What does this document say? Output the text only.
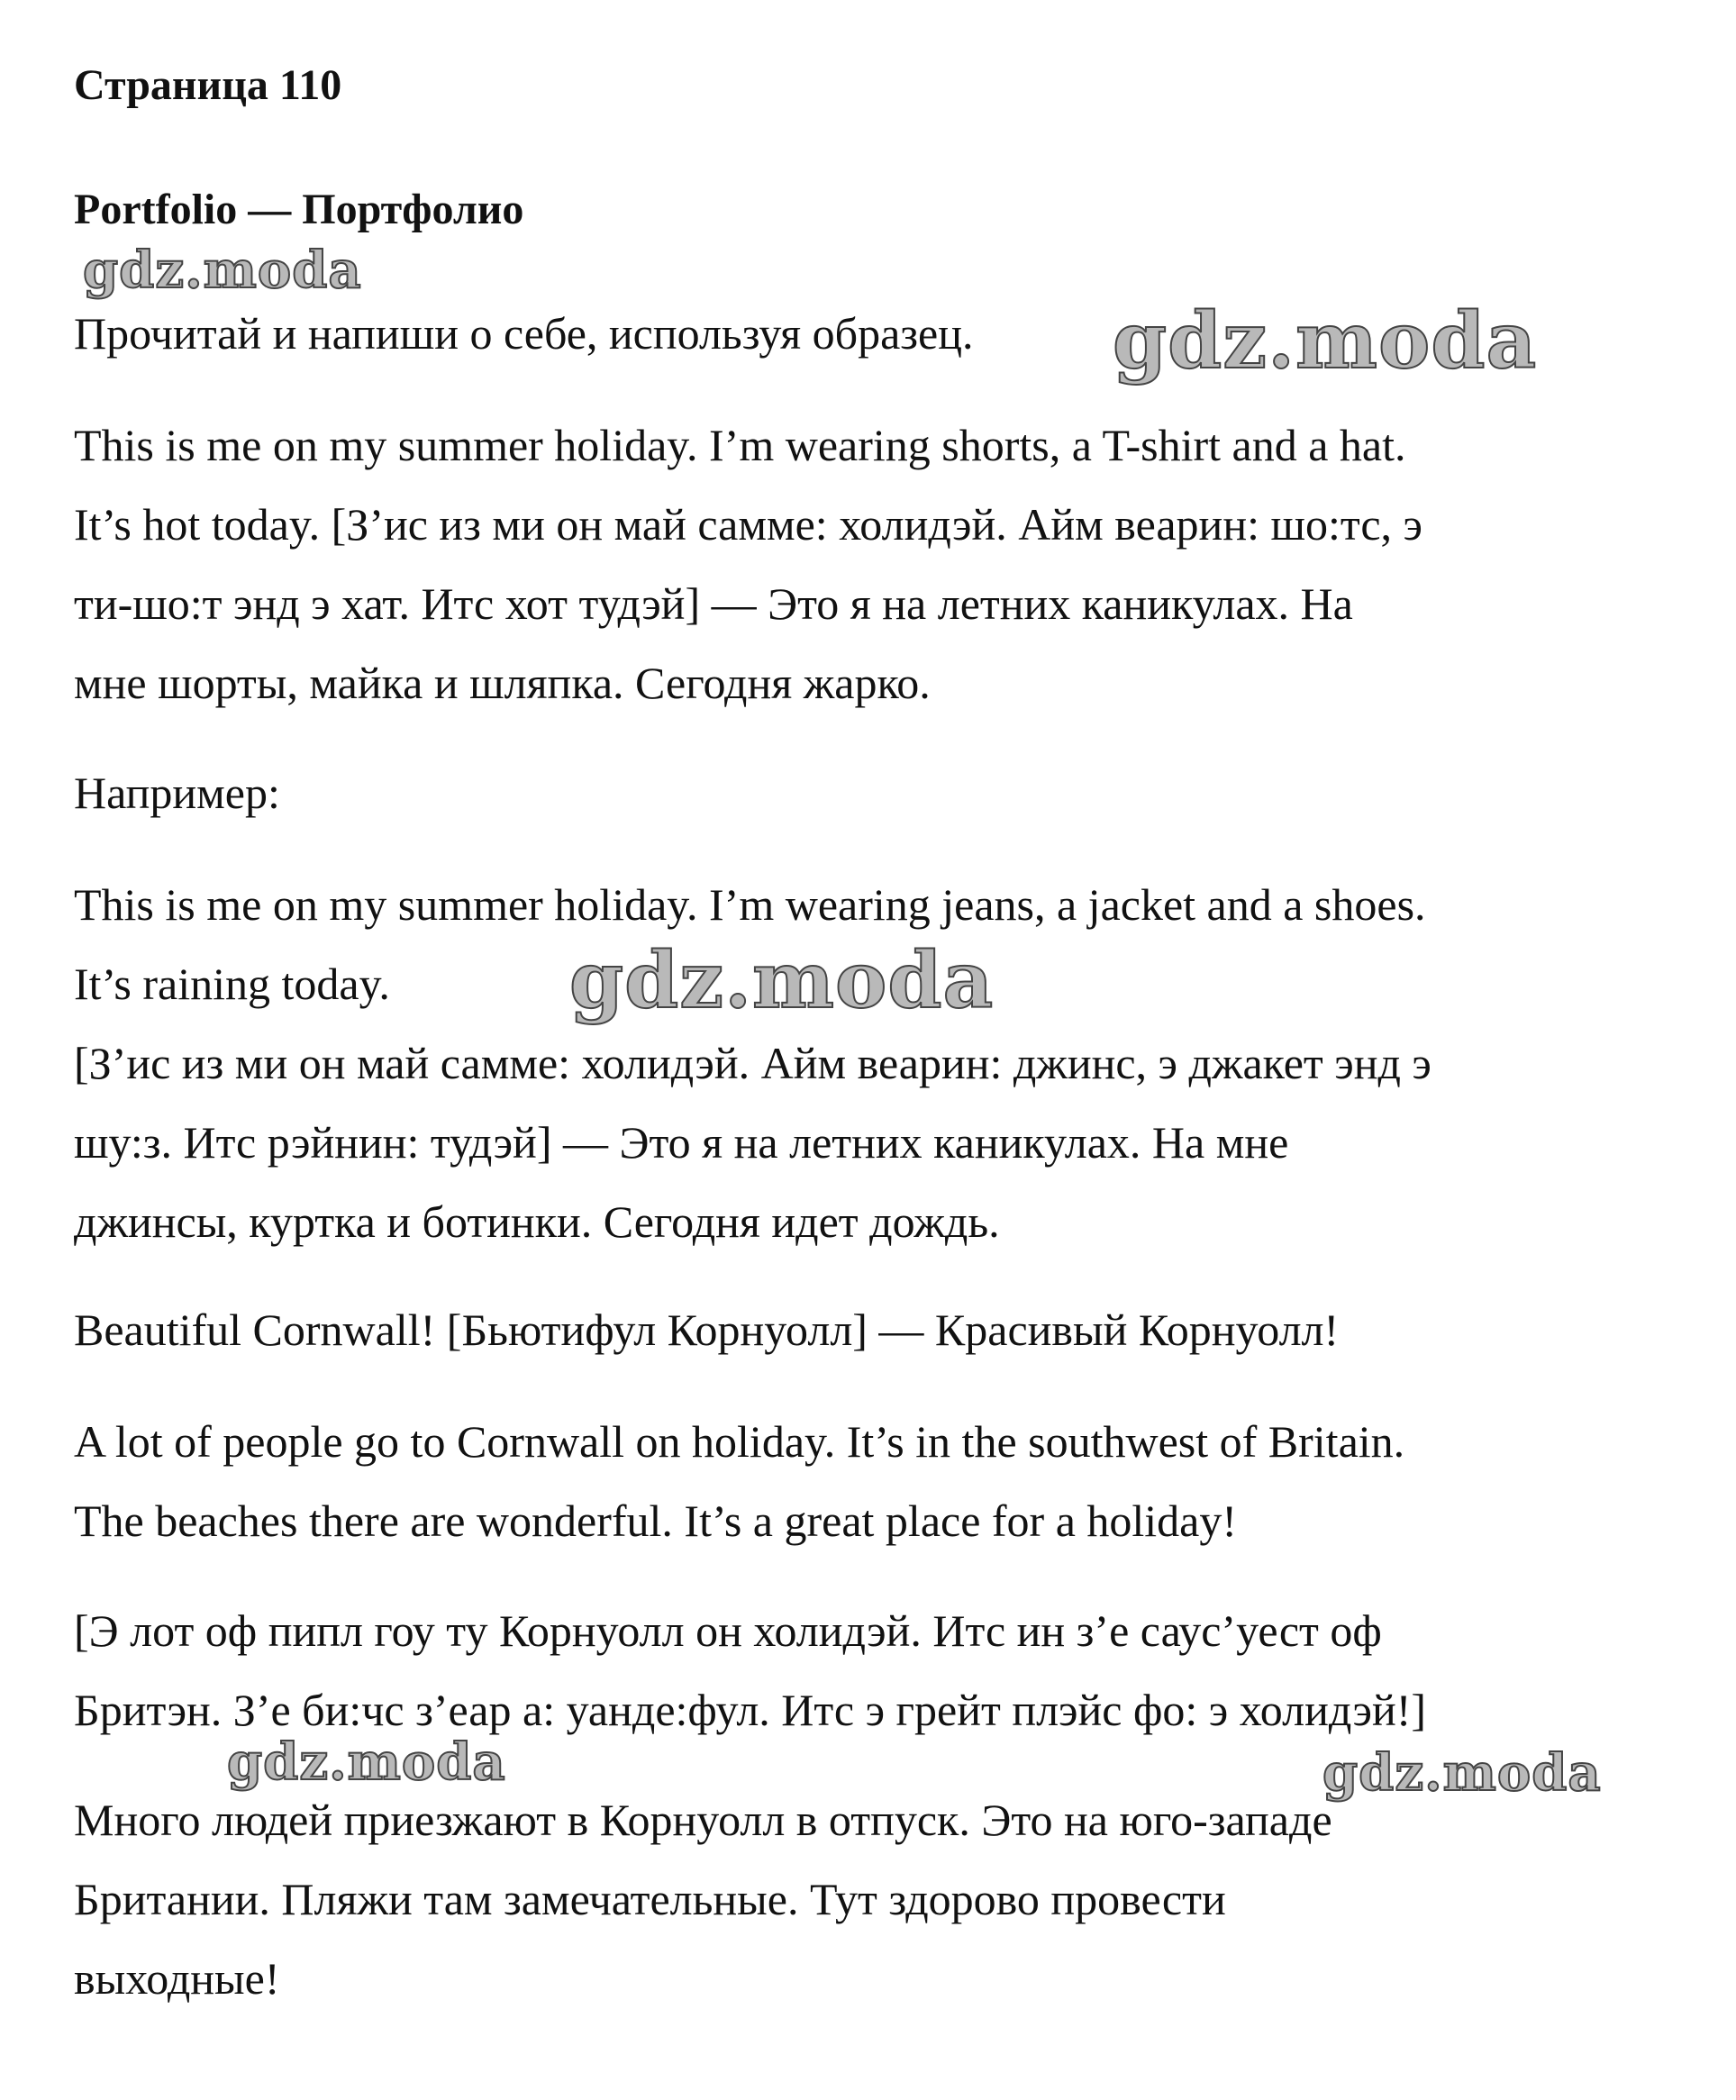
Страница 110
Portfolio — Портфолио

Прочитай и напиши о себе, используя образец.

This is me on my summer holiday. I’m wearing shorts, a T-shirt and a hat.
It’s hot today. [З’ис из ми он май самме: холидэй. Айм веарин: шо:тс, э
ти-шо:т энд э хат. Итс хот тудэй] — Это я на летних каникулах. На
мне шорты, майка и шляпка. Сегодня жарко.

Например:

This is me on my summer holiday. I’m wearing jeans, a jacket and a shoes.
It’s raining today.
[З’ис из ми он май самме: холидэй. Айм веарин: джинс, э джакет энд э
шу:з. Итс рэйнин: тудэй] — Это я на летних каникулах. На мне
джинсы, куртка и ботинки. Сегодня идет дождь.

Beautiful Cornwall! [Бьютифул Корнуолл] — Красивый Корнуолл!

A lot of people go to Cornwall on holiday. It’s in the southwest of Britain.
The beaches there are wonderful. It’s a great place for a holiday!

[Э лот оф пипл гоу ту Корнуолл он холидэй. Итс ин з’е саус’уест оф
Бритэн. З’е би:чс з’еар а: уанде:фул. Итс э грейт плэйс фо: э холидэй!]

Много людей приезжают в Корнуолл в отпуск. Это на юго-западе
Британии. Пляжи там замечательные. Тут здорово провести
выходные!

gdz.moda
gdz.moda
gdz.moda
gdz.moda	gdz.moda
